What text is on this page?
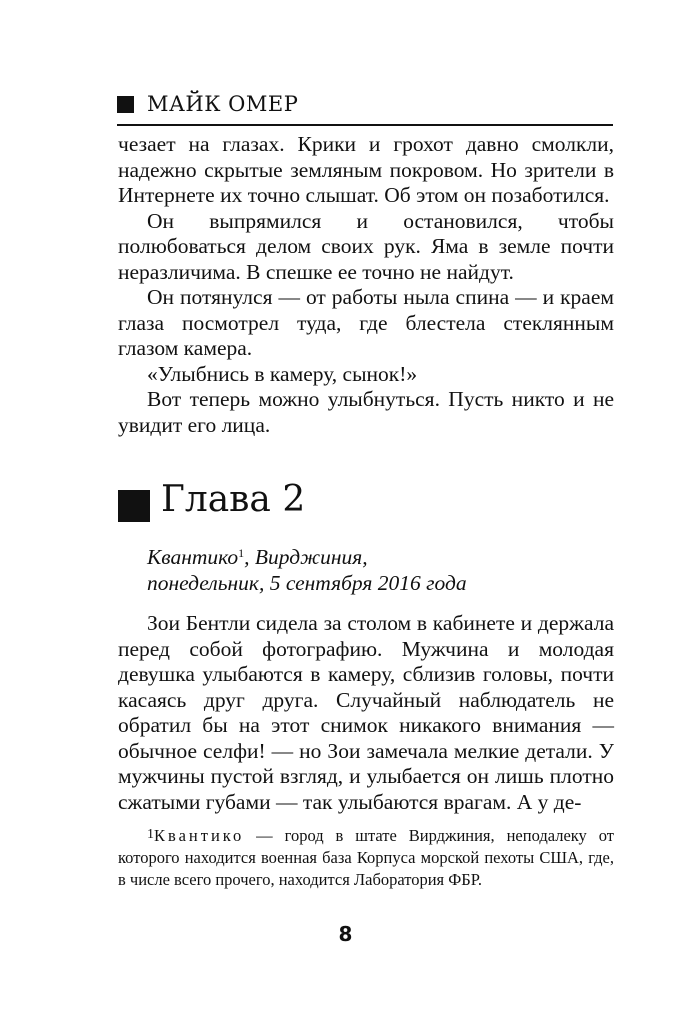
МАЙК ОМЕР

чезает на глазах. Крики и грохот давно смолкли, надежно скрытые земляным покровом. Но зрители в Интернете их точно слышат. Об этом он позаботился.

Он выпрямился и остановился, чтобы полюбоваться делом своих рук. Яма в земле почти неразличима. В спешке ее точно не найдут.

Он потянулся — от работы ныла спина — и краем глаза посмотрел туда, где блестела стеклянным глазом камера.

«Улыбнись в камеру, сынок!»

Вот теперь можно улыбнуться. Пусть никто и не увидит его лица.

Глава 2
Квантико$^1$, Вирджиния,
понедельник, 5 сентября 2016 года

Зои Бентли сидела за столом в кабинете и держала перед собой фотографию. Мужчина и молодая девушка улыбаются в камеру, сблизив головы, почти касаясь друг друга. Случайный наблюдатель не обратил бы на этот снимок никакого внимания — обычное селфи! — но Зои замечала мелкие детали. У мужчины пустой взгляд, и улыбается он лишь плотно сжатыми губами — так улыбаются врагам. А у де-

1Квантико — город в штате Вирджиния, неподалеку от которого находится военная база Корпуса морской пехоты США, где, в числе всего прочего, находится Лаборатория ФБР.
8
